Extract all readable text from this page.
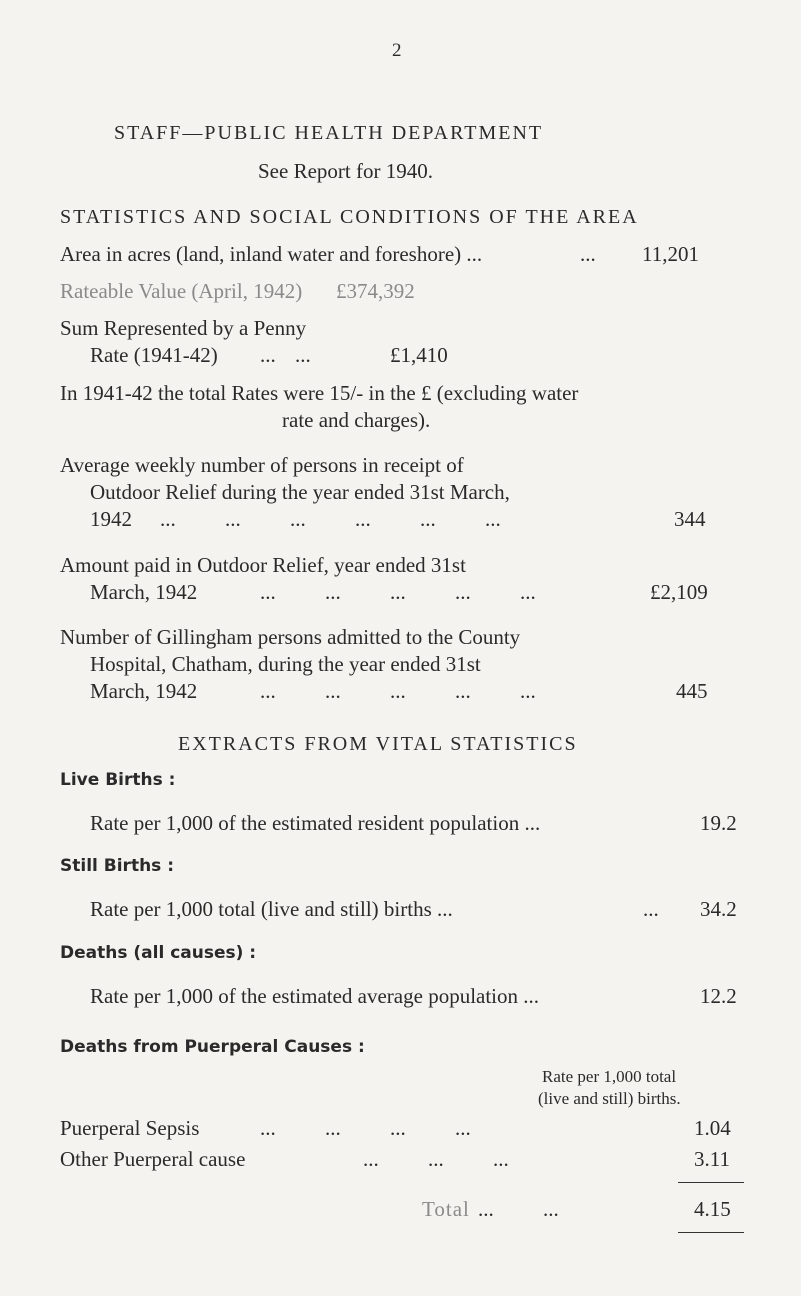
2
STAFF—PUBLIC HEALTH DEPARTMENT
See Report for 1940.
STATISTICS AND SOCIAL CONDITIONS OF THE AREA
Area in acres (land, inland water and foreshore) ...	... 11,201
Rateable Value (April, 1942) £374,392
Sum Represented by a Penny
Rate (1941-42) ... ...	£1,410
In 1941-42 the total Rates were 15/- in the £ (excluding water
rate and charges).
Average weekly number of persons in receipt of
Outdoor Relief during the year ended 31st March,
1942 ... ... ... ... ... ...	344
Amount paid in Outdoor Relief, year ended 31st
March, 1942	... ... ... ... ...	£2,109
Number of Gillingham persons admitted to the County
Hospital, Chatham, during the year ended 31st
March, 1942	... ... ... ... ...	445
EXTRACTS FROM VITAL STATISTICS
Live Births :
Rate per 1,000 of the estimated resident population ...	19.2
Still Births :
Rate per 1,000 total (live and still) births ...	... 34.2
Deaths (all causes) :
Rate per 1,000 of the estimated average population ...	12.2
Deaths from Puerperal Causes :
Rate per 1,000 total
(live and still) births.
Puerperal Sepsis	... ... ... ...	1.04
Other Puerperal cause	... ... ...	3.11
Total ... ...	4.15
